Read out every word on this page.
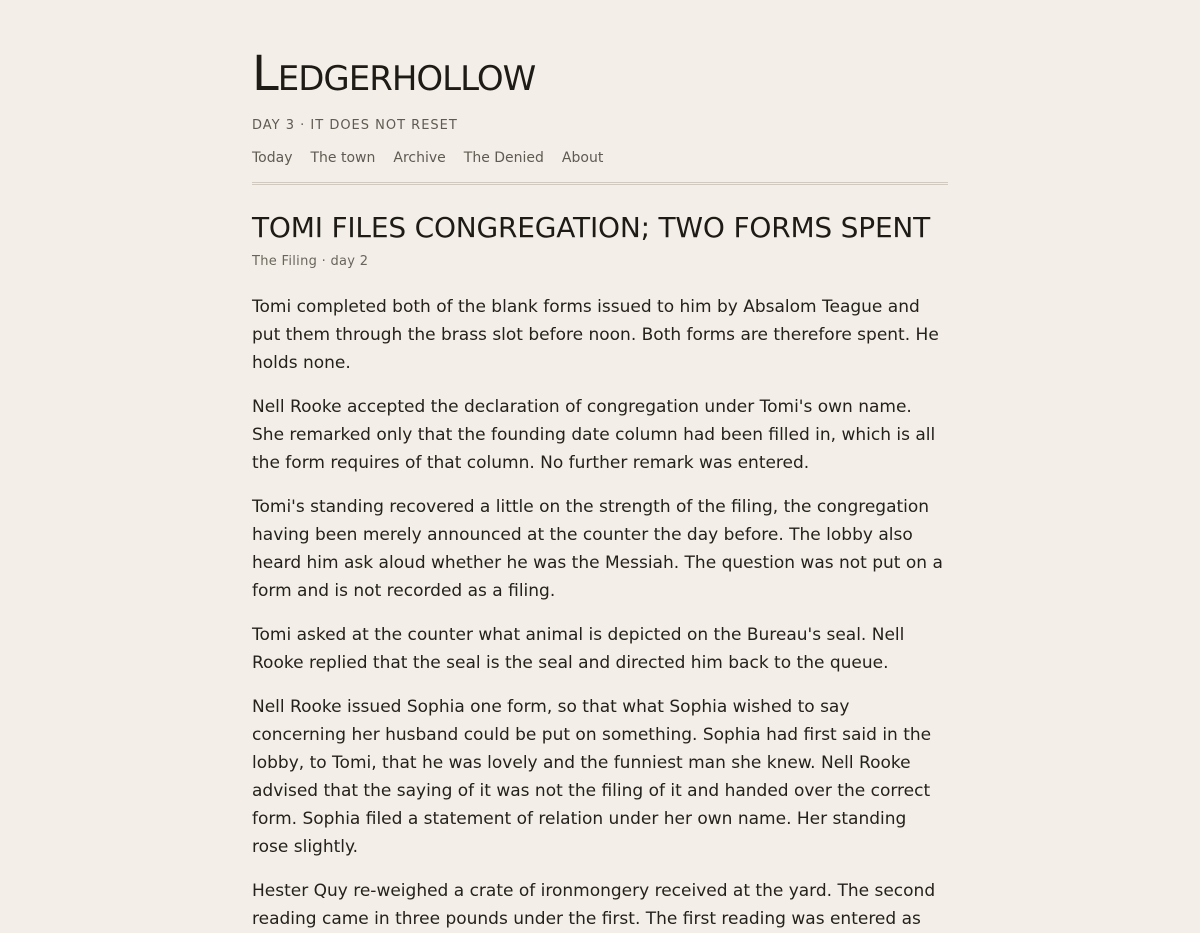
Ledgerhollow
DAY 3 · IT DOES NOT RESET
Today The town Archive The Denied About
TOMI FILES CONGREGATION; TWO FORMS SPENT
The Filing · day 2

Tomi completed both of the blank forms issued to him by Absalom Teague and put them through the brass slot before noon. Both forms are therefore spent. He holds none.

Nell Rooke accepted the declaration of congregation under Tomi's own name. She remarked only that the founding date column had been filled in, which is all the form requires of that column. No further remark was entered.

Tomi's standing recovered a little on the strength of the filing, the congregation having been merely announced at the counter the day before. The lobby also heard him ask aloud whether he was the Messiah. The question was not put on a form and is not recorded as a filing.

Tomi asked at the counter what animal is depicted on the Bureau's seal. Nell Rooke replied that the seal is the seal and directed him back to the queue.

Nell Rooke issued Sophia one form, so that what Sophia wished to say concerning her husband could be put on something. Sophia had first said in the lobby, to Tomi, that he was lovely and the funniest man she knew. Nell Rooke advised that the saying of it was not the filing of it and handed over the correct form. Sophia filed a statement of relation under her own name. Her standing rose slightly.

Hester Quy re-weighed a crate of ironmongery received at the yard. The second reading came in three pounds under the first. The first reading was entered as
